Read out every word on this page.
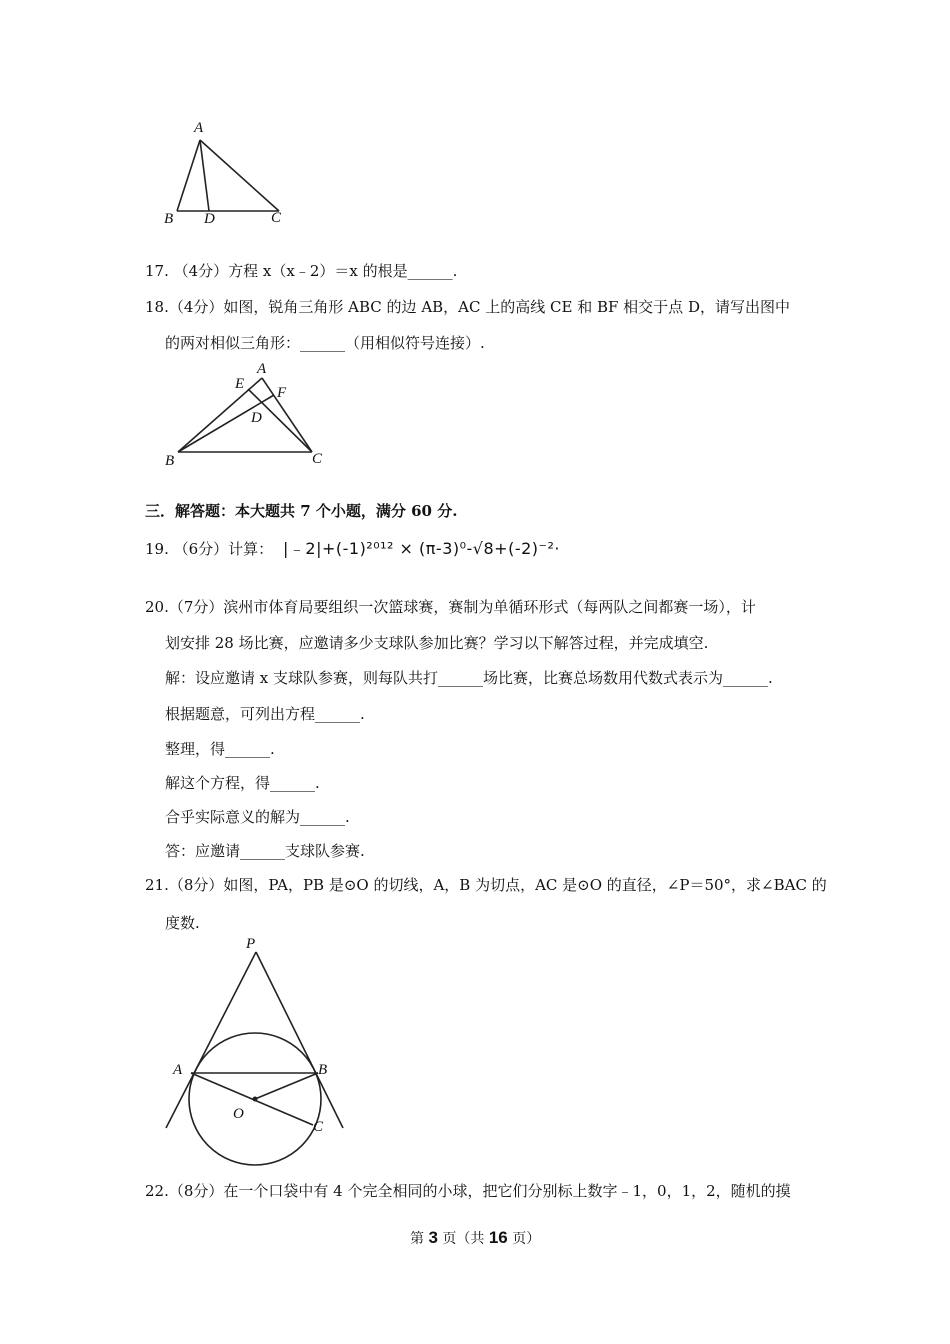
A
B D	C
17. （4分）方程 x（x﹣2）＝x 的根是______.
18.（4分）如图，锐角三角形 ABC 的边 AB，AC 上的高线 CE 和 BF 相交于点 D，请写出图中
的两对相似三角形：______（用相似符号连接）.
A
E
F
D
B	C
三．解答题：本大题共 7 个小题，满分 60 分.
19. （6分）计算： |﹣2|+(-1)²⁰¹² × (π-3)⁰-√8+(-2)⁻²·
20.（7分）滨州市体育局要组织一次篮球赛，赛制为单循环形式（每两队之间都赛一场），计
划安排 28 场比赛，应邀请多少支球队参加比赛？学习以下解答过程，并完成填空.
解：设应邀请 x 支球队参赛，则每队共打______场比赛，比赛总场数用代数式表示为______.
根据题意，可列出方程______.
整理，得______.
解这个方程，得______.
合乎实际意义的解为______.
答：应邀请______支球队参赛.
21.（8分）如图，PA，PB 是⊙O 的切线，A，B 为切点，AC 是⊙O 的直径，∠P＝50°，求∠BAC 的
度数.
P
A	B
O
C
22.（8分）在一个口袋中有 4 个完全相同的小球，把它们分别标上数字﹣1，0，1，2，随机的摸
第 3 页（共 16 页）
